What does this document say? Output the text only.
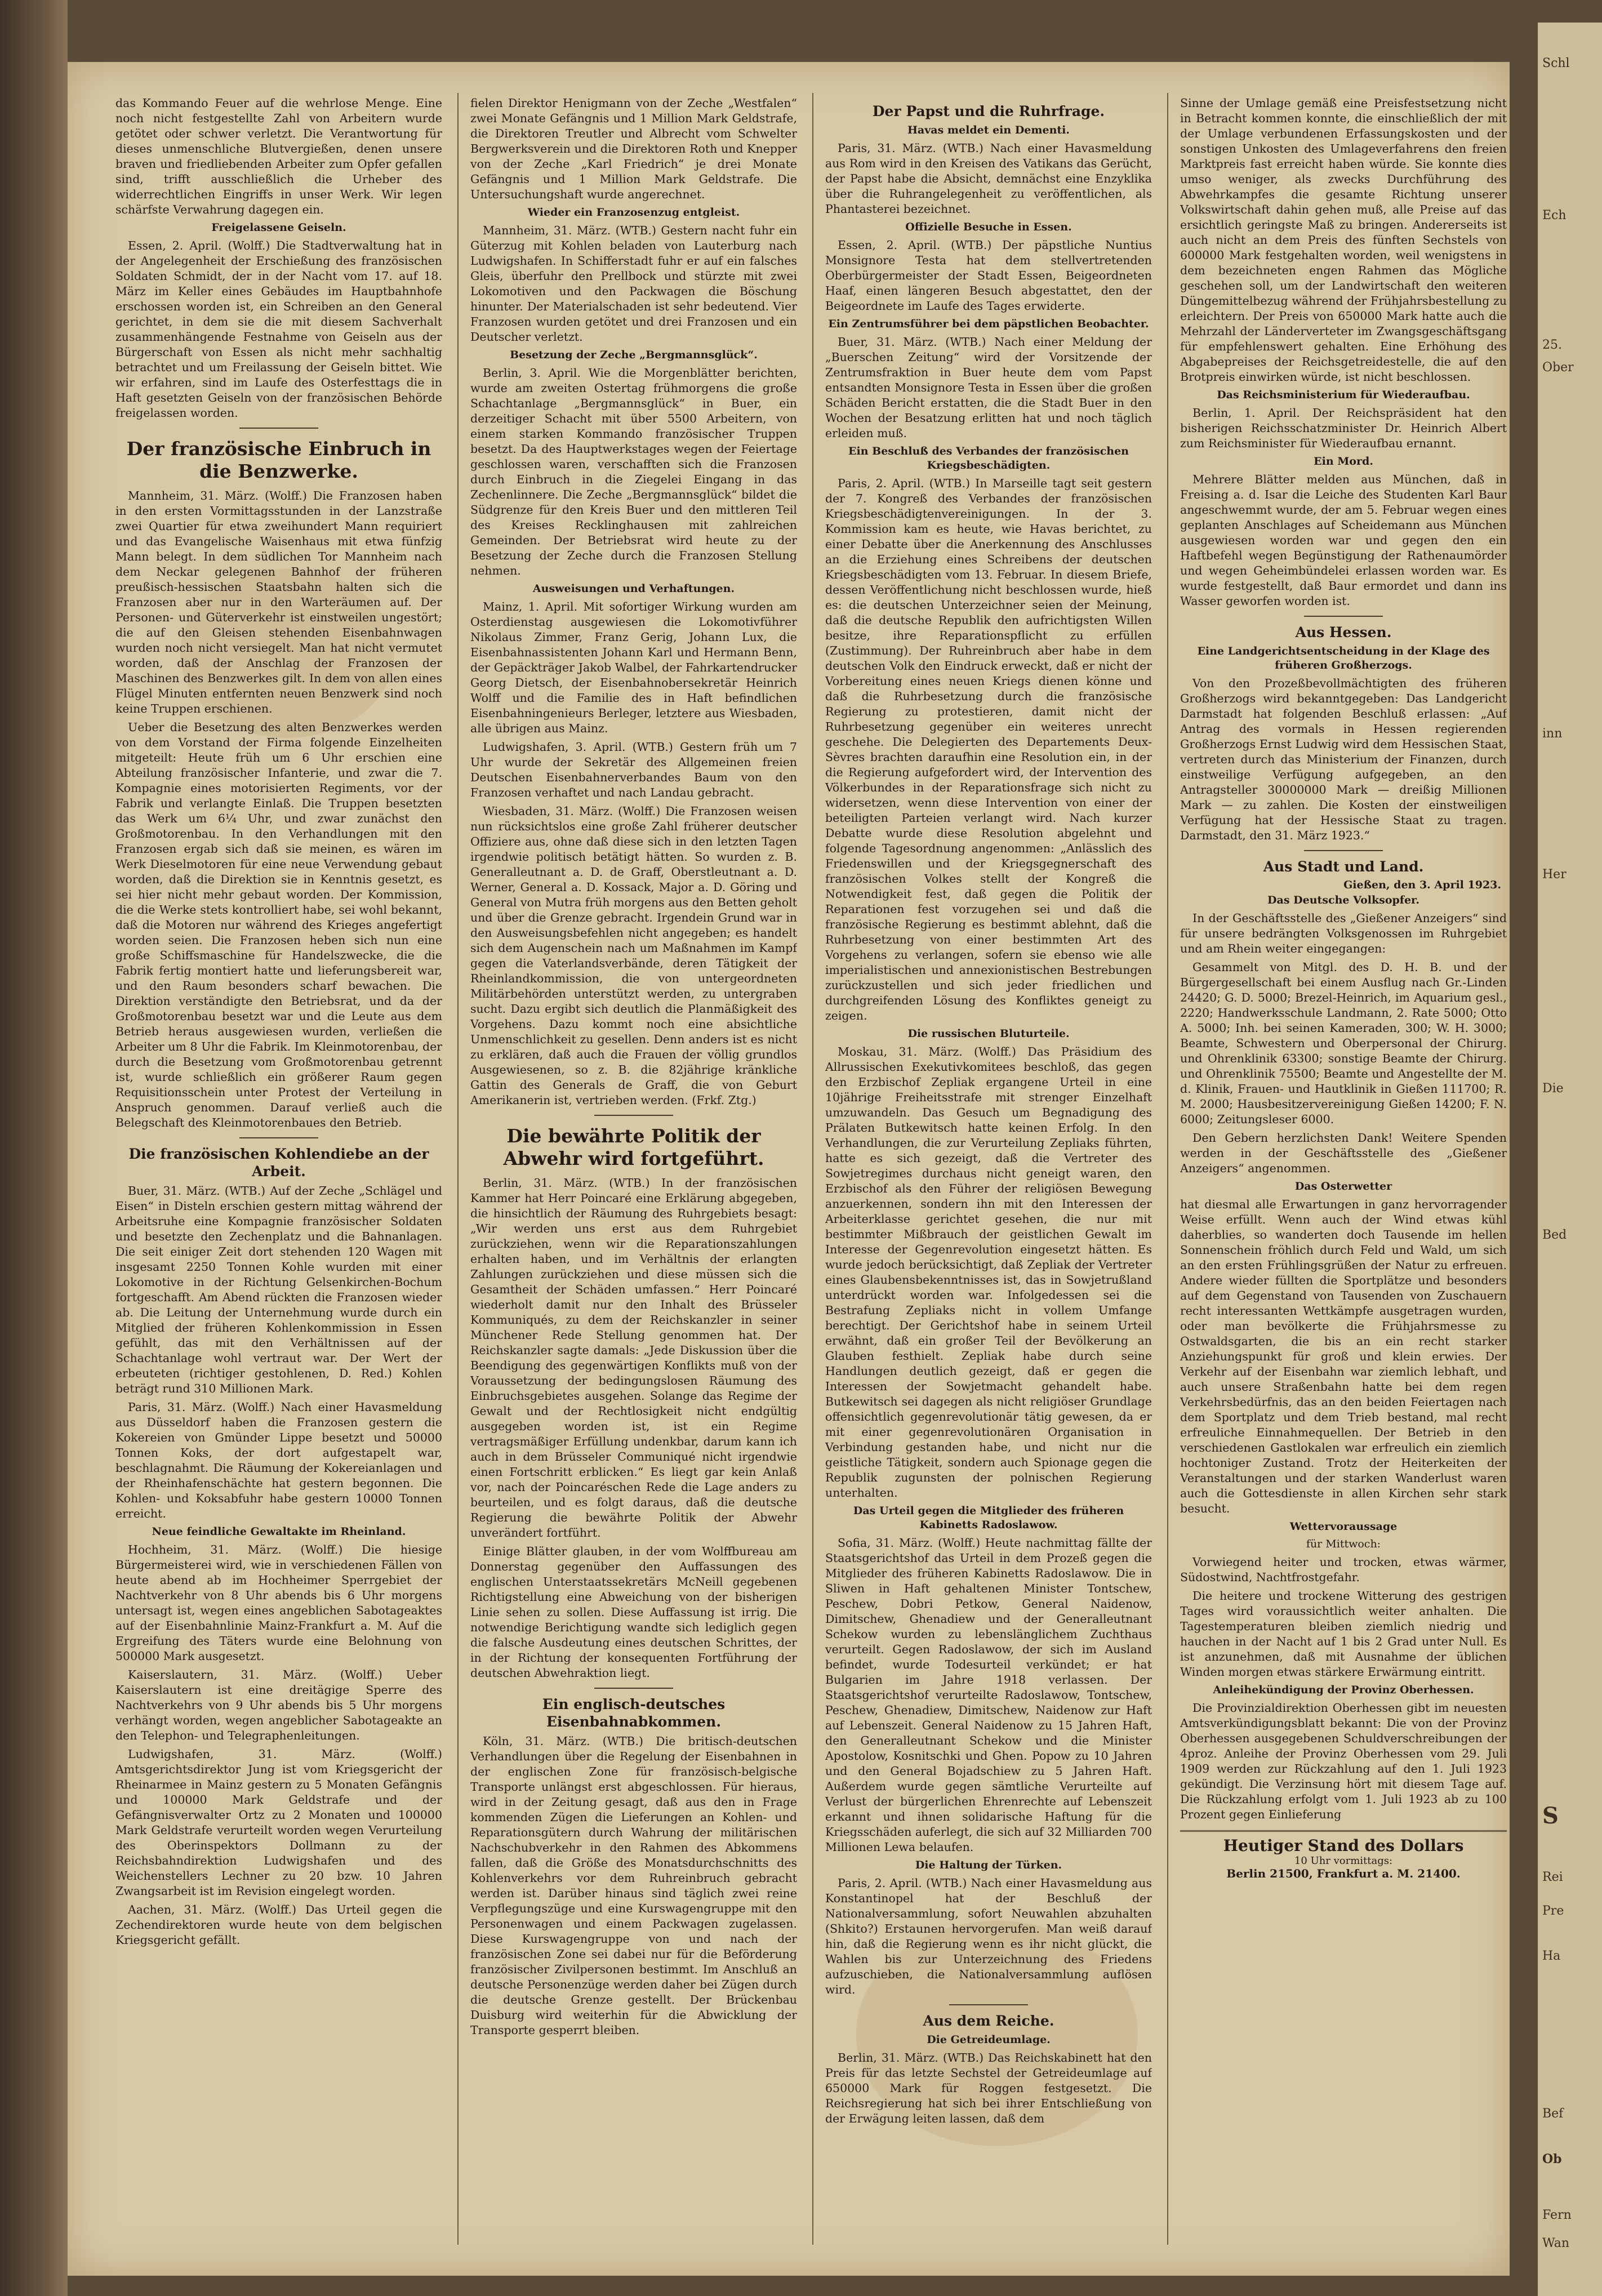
Schl
Ech
25.
Ober
inn
Her
Die
Bed
S
Rei
Pre
Ha
Bef
Ob
Fern
Wan

das Kommando Feuer auf die wehrlose Menge. Eine noch nicht festgestellte Zahl von Arbeitern wurde getötet oder schwer verletzt. Die Verantwortung für dieses unmenschliche Blutvergießen, denen unsere braven und friedliebenden Arbeiter zum Opfer gefallen sind, trifft ausschließlich die Urheber des widerrechtlichen Eingriffs in unser Werk. Wir legen schärfste Verwahrung dagegen ein.

Freigelassene Geiseln.

Essen, 2. April. (Wolff.) Die Stadtverwaltung hat in der Angelegenheit der Erschießung des französischen Soldaten Schmidt, der in der Nacht vom 17. auf 18. März im Keller eines Gebäudes im Hauptbahnhofe erschossen worden ist, ein Schreiben an den General gerichtet, in dem sie die mit diesem Sachverhalt zusammenhängende Festnahme von Geiseln aus der Bürgerschaft von Essen als nicht mehr sachhaltig betrachtet und um Freilassung der Geiseln bittet. Wie wir erfahren, sind im Laufe des Osterfesttags die in Haft gesetzten Geiseln von der französischen Behörde freigelassen worden.

Der französische Einbruch in die Benzwerke.

Mannheim, 31. März. (Wolff.) Die Franzosen haben in den ersten Vormittagsstunden in der Lanzstraße zwei Quartier für etwa zweihundert Mann requiriert und das Evangelische Waisenhaus mit etwa fünfzig Mann belegt. In dem südlichen Tor Mannheim nach dem Neckar gelegenen Bahnhof der früheren preußisch-hessischen Staatsbahn halten sich die Franzosen aber nur in den Warteräumen auf. Der Personen- und Güterverkehr ist einstweilen ungestört; die auf den Gleisen stehenden Eisenbahnwagen wurden noch nicht versiegelt. Man hat nicht vermutet worden, daß der Anschlag der Franzosen der Maschinen des Benzwerkes gilt. In dem von allen eines Flügel Minuten entfernten neuen Benzwerk sind noch keine Truppen erschienen.

Ueber die Besetzung des alten Benzwerkes werden von dem Vorstand der Firma folgende Einzelheiten mitgeteilt: Heute früh um 6 Uhr erschien eine Abteilung französischer Infanterie, und zwar die 7. Kompagnie eines motorisierten Regiments, vor der Fabrik und verlangte Einlaß. Die Truppen besetzten das Werk um 6¼ Uhr, und zwar zunächst den Großmotorenbau. In den Verhandlungen mit den Franzosen ergab sich daß sie meinen, es wären im Werk Dieselmotoren für eine neue Verwendung gebaut worden, daß die Direktion sie in Kenntnis gesetzt, es sei hier nicht mehr gebaut worden. Der Kommission, die die Werke stets kontrolliert habe, sei wohl bekannt, daß die Motoren nur während des Krieges angefertigt worden seien. Die Franzosen heben sich nun eine große Schiffsmaschine für Handelszwecke, die die Fabrik fertig montiert hatte und lieferungsbereit war, und den Raum besonders scharf bewachen. Die Direktion verständigte den Betriebsrat, und da der Großmotorenbau besetzt war und die Leute aus dem Betrieb heraus ausgewiesen wurden, verließen die Arbeiter um 8 Uhr die Fabrik. Im Kleinmotorenbau, der durch die Besetzung vom Großmotorenbau getrennt ist, wurde schließlich ein größerer Raum gegen Requisitionsschein unter Protest der Verteilung in Anspruch genommen. Darauf verließ auch die Belegschaft des Kleinmotorenbaues den Betrieb.

Die französischen Kohlendiebe an der Arbeit.

Buer, 31. März. (WTB.) Auf der Zeche „Schlägel und Eisen“ in Disteln erschien gestern mittag während der Arbeitsruhe eine Kompagnie französischer Soldaten und besetzte den Zechenplatz und die Bahnanlagen. Die seit einiger Zeit dort stehenden 120 Wagen mit insgesamt 2250 Tonnen Kohle wurden mit einer Lokomotive in der Richtung Gelsenkirchen-Bochum fortgeschafft. Am Abend rückten die Franzosen wieder ab. Die Leitung der Unternehmung wurde durch ein Mitglied der früheren Kohlenkommission in Essen gefühlt, das mit den Verhältnissen auf der Schachtanlage wohl vertraut war. Der Wert der erbeuteten (richtiger gestohlenen, D. Red.) Kohlen beträgt rund 310 Millionen Mark.

Paris, 31. März. (Wolff.) Nach einer Havasmeldung aus Düsseldorf haben die Franzosen gestern die Kokereien von Gmünder Lippe besetzt und 50000 Tonnen Koks, der dort aufgestapelt war, beschlagnahmt. Die Räumung der Kokereianlagen und der Rheinhafenschächte hat gestern begonnen. Die Kohlen- und Koksabfuhr habe gestern 10000 Tonnen erreicht.

Neue feindliche Gewaltakte im Rheinland.

Hochheim, 31. März. (Wolff.) Die hiesige Bürgermeisterei wird, wie in verschiedenen Fällen von heute abend ab im Hochheimer Sperrgebiet der Nachtverkehr von 8 Uhr abends bis 6 Uhr morgens untersagt ist, wegen eines angeblichen Sabotageaktes auf der Eisenbahnlinie Mainz-Frankfurt a. M. Auf die Ergreifung des Täters wurde eine Belohnung von 500000 Mark ausgesetzt.

Kaiserslautern, 31. März. (Wolff.) Ueber Kaiserslautern ist eine dreitägige Sperre des Nachtverkehrs von 9 Uhr abends bis 5 Uhr morgens verhängt worden, wegen angeblicher Sabotageakte an den Telephon- und Telegraphenleitungen.

Ludwigshafen, 31. März. (Wolff.) Amtsgerichtsdirektor Jung ist vom Kriegsgericht der Rheinarmee in Mainz gestern zu 5 Monaten Gefängnis und 100000 Mark Geldstrafe und der Gefängnisverwalter Ortz zu 2 Monaten und 100000 Mark Geldstrafe verurteilt worden wegen Verurteilung des Oberinspektors Dollmann zu der Reichsbahndirektion Ludwigshafen und des Weichenstellers Lechner zu 20 bzw. 10 Jahren Zwangsarbeit ist im Revision eingelegt worden.

Aachen, 31. März. (Wolff.) Das Urteil gegen die Zechendirektoren wurde heute von dem belgischen Kriegsgericht gefällt.

fielen Direktor Henigmann von der Zeche „Westfalen“ zwei Monate Gefängnis und 1 Million Mark Geldstrafe, die Direktoren Treutler und Albrecht vom Schwelter Bergwerksverein und die Direktoren Roth und Knepper von der Zeche „Karl Friedrich“ je drei Monate Gefängnis und 1 Million Mark Geldstrafe. Die Untersuchungshaft wurde angerechnet.

Wieder ein Franzosenzug entgleist.

Mannheim, 31. März. (WTB.) Gestern nacht fuhr ein Güterzug mit Kohlen beladen von Lauterburg nach Ludwigshafen. In Schifferstadt fuhr er auf ein falsches Gleis, überfuhr den Prellbock und stürzte mit zwei Lokomotiven und den Packwagen die Böschung hinunter. Der Materialschaden ist sehr bedeutend. Vier Franzosen wurden getötet und drei Franzosen und ein Deutscher verletzt.

Besetzung der Zeche „Bergmannsglück“.

Berlin, 3. April. Wie die Morgenblätter berichten, wurde am zweiten Ostertag frühmorgens die große Schachtanlage „Bergmannsglück“ in Buer, ein derzeitiger Schacht mit über 5500 Arbeitern, von einem starken Kommando französischer Truppen besetzt. Da des Hauptwerkstages wegen der Feiertage geschlossen waren, verschafften sich die Franzosen durch Einbruch in die Ziegelei Eingang in das Zechenlinnere. Die Zeche „Bergmannsglück“ bildet die Südgrenze für den Kreis Buer und den mittleren Teil des Kreises Recklinghausen mit zahlreichen Gemeinden. Der Betriebsrat wird heute zu der Besetzung der Zeche durch die Franzosen Stellung nehmen.

Ausweisungen und Verhaftungen.

Mainz, 1. April. Mit sofortiger Wirkung wurden am Osterdienstag ausgewiesen die Lokomotivführer Nikolaus Zimmer, Franz Gerig, Johann Lux, die Eisenbahnassistenten Johann Karl und Hermann Benn, der Gepäckträger Jakob Walbel, der Fahrkartendrucker Georg Dietsch, der Eisenbahnobersekretär Heinrich Wolff und die Familie des in Haft befindlichen Eisenbahningenieurs Berleger, letztere aus Wiesbaden, alle übrigen aus Mainz.

Ludwigshafen, 3. April. (WTB.) Gestern früh um 7 Uhr wurde der Sekretär des Allgemeinen freien Deutschen Eisenbahnerverbandes Baum von den Franzosen verhaftet und nach Landau gebracht.

Wiesbaden, 31. März. (Wolff.) Die Franzosen weisen nun rücksichtslos eine große Zahl früherer deutscher Offiziere aus, ohne daß diese sich in den letzten Tagen irgendwie politisch betätigt hätten. So wurden z. B. Generalleutnant a. D. de Graff, Oberstleutnant a. D. Werner, General a. D. Kossack, Major a. D. Göring und General von Mutra früh morgens aus den Betten geholt und über die Grenze gebracht. Irgendein Grund war in den Ausweisungsbefehlen nicht angegeben; es handelt sich dem Augenschein nach um Maßnahmen im Kampf gegen die Vaterlandsverbände, deren Tätigkeit der Rheinlandkommission, die von untergeordneten Militärbehörden unterstützt werden, zu untergraben sucht. Dazu ergibt sich deutlich die Planmäßigkeit des Vorgehens. Dazu kommt noch eine absichtliche Unmenschlichkeit zu gesellen. Denn anders ist es nicht zu erklären, daß auch die Frauen der völlig grundlos Ausgewiesenen, so z. B. die 82jährige kränkliche Gattin des Generals de Graff, die von Geburt Amerikanerin ist, vertrieben werden. (Frkf. Ztg.)

Die bewährte Politik der Abwehr wird fortgeführt.

Berlin, 31. März. (WTB.) In der französischen Kammer hat Herr Poincaré eine Erklärung abgegeben, die hinsichtlich der Räumung des Ruhrgebiets besagt: „Wir werden uns erst aus dem Ruhrgebiet zurückziehen, wenn wir die Reparationszahlungen erhalten haben, und im Verhältnis der erlangten Zahlungen zurückziehen und diese müssen sich die Gesamtheit der Schäden umfassen.“ Herr Poincaré wiederholt damit nur den Inhalt des Brüsseler Kommuniqués, zu dem der Reichskanzler in seiner Münchener Rede Stellung genommen hat. Der Reichskanzler sagte damals: „Jede Diskussion über die Beendigung des gegenwärtigen Konflikts muß von der Voraussetzung der bedingungslosen Räumung des Einbruchsgebietes ausgehen. Solange das Regime der Gewalt und der Rechtlosigkeit nicht endgültig ausgegeben worden ist, ist ein Regime vertragsmäßiger Erfüllung undenkbar, darum kann ich auch in dem Brüsseler Communiqué nicht irgendwie einen Fortschritt erblicken.“ Es liegt gar kein Anlaß vor, nach der Poincaréschen Rede die Lage anders zu beurteilen, und es folgt daraus, daß die deutsche Regierung die bewährte Politik der Abwehr unverändert fortführt.

Einige Blätter glauben, in der vom Wolffbureau am Donnerstag gegenüber den Auffassungen des englischen Unterstaatssekretärs McNeill gegebenen Richtigstellung eine Abweichung von der bisherigen Linie sehen zu sollen. Diese Auffassung ist irrig. Die notwendige Berichtigung wandte sich lediglich gegen die falsche Ausdeutung eines deutschen Schrittes, der in der Richtung der konsequenten Fortführung der deutschen Abwehraktion liegt.

Ein englisch-deutsches Eisenbahnabkommen.

Köln, 31. März. (WTB.) Die britisch-deutschen Verhandlungen über die Regelung der Eisenbahnen in der englischen Zone für französisch-belgische Transporte unlängst erst abgeschlossen. Für hieraus, wird in der Zeitung gesagt, daß aus den in Frage kommenden Zügen die Lieferungen an Kohlen- und Reparationsgütern durch Wahrung der militärischen Nachschubverkehr in den Rahmen des Abkommens fallen, daß die Größe des Monatsdurchschnitts des Kohlenverkehrs vor dem Ruhreinbruch gebracht werden ist. Darüber hinaus sind täglich zwei reine Verpflegungszüge und eine Kurswagengruppe mit den Personenwagen und einem Packwagen zugelassen. Diese Kurswagengruppe von und nach der französischen Zone sei dabei nur für die Beförderung französischer Zivilpersonen bestimmt. Im Anschluß an deutsche Personenzüge werden daher bei Zügen durch die deutsche Grenze gestellt. Der Brückenbau Duisburg wird weiterhin für die Abwicklung der Transporte gesperrt bleiben.

Der Papst und die Ruhrfrage.
Havas meldet ein Dementi.

Paris, 31. März. (WTB.) Nach einer Havasmeldung aus Rom wird in den Kreisen des Vatikans das Gerücht, der Papst habe die Absicht, demnächst eine Enzyklika über die Ruhrangelegenheit zu veröffentlichen, als Phantasterei bezeichnet.

Offizielle Besuche in Essen.

Essen, 2. April. (WTB.) Der päpstliche Nuntius Monsignore Testa hat dem stellvertretenden Oberbürgermeister der Stadt Essen, Beigeordneten Haaf, einen längeren Besuch abgestattet, den der Beigeordnete im Laufe des Tages erwiderte.

Ein Zentrumsführer bei dem päpstlichen Beobachter.

Buer, 31. März. (WTB.) Nach einer Meldung der „Buerschen Zeitung“ wird der Vorsitzende der Zentrumsfraktion in Buer heute dem vom Papst entsandten Monsignore Testa in Essen über die großen Schäden Bericht erstatten, die die Stadt Buer in den Wochen der Besatzung erlitten hat und noch täglich erleiden muß.

Ein Beschluß des Verbandes der französischen Kriegsbeschädigten.

Paris, 2. April. (WTB.) In Marseille tagt seit gestern der 7. Kongreß des Verbandes der französischen Kriegsbeschädigtenvereinigungen. In der 3. Kommission kam es heute, wie Havas berichtet, zu einer Debatte über die Anerkennung des Anschlusses an die Erziehung eines Schreibens der deutschen Kriegsbeschädigten vom 13. Februar. In diesem Briefe, dessen Veröffentlichung nicht beschlossen wurde, hieß es: die deutschen Unterzeichner seien der Meinung, daß die deutsche Republik den aufrichtigsten Willen besitze, ihre Reparationspflicht zu erfüllen (Zustimmung). Der Ruhreinbruch aber habe in dem deutschen Volk den Eindruck erweckt, daß er nicht der Vorbereitung eines neuen Kriegs dienen könne und daß die Ruhrbesetzung durch die französische Regierung zu protestieren, damit nicht der Ruhrbesetzung gegenüber ein weiteres unrecht geschehe. Die Delegierten des Departements Deux-Sèvres brachten daraufhin eine Resolution ein, in der die Regierung aufgefordert wird, der Intervention des Völkerbundes in der Reparationsfrage sich nicht zu widersetzen, wenn diese Intervention von einer der beteiligten Parteien verlangt wird. Nach kurzer Debatte wurde diese Resolution abgelehnt und folgende Tagesordnung angenommen: „Anlässlich des Friedenswillen und der Kriegsgegnerschaft des französischen Volkes stellt der Kongreß die Notwendigkeit fest, daß gegen die Politik der Reparationen fest vorzugehen sei und daß die französische Regierung es bestimmt ablehnt, daß die Ruhrbesetzung von einer bestimmten Art des Vorgehens zu verlangen, sofern sie ebenso wie alle imperialistischen und annexionistischen Bestrebungen zurückzustellen und sich jeder friedlichen und durchgreifenden Lösung des Konfliktes geneigt zu zeigen.

Die russischen Bluturteile.

Moskau, 31. März. (Wolff.) Das Präsidium des Allrussischen Exekutivkomitees beschloß, das gegen den Erzbischof Zepliak ergangene Urteil in eine 10jährige Freiheitsstrafe mit strenger Einzelhaft umzuwandeln. Das Gesuch um Begnadigung des Prälaten Butkewitsch hatte keinen Erfolg. In den Verhandlungen, die zur Verurteilung Zepliaks führten, hatte es sich gezeigt, daß die Vertreter des Sowjetregimes durchaus nicht geneigt waren, den Erzbischof als den Führer der religiösen Bewegung anzuerkennen, sondern ihn mit den Interessen der Arbeiterklasse gerichtet gesehen, die nur mit bestimmter Mißbrauch der geistlichen Gewalt im Interesse der Gegenrevolution eingesetzt hätten. Es wurde jedoch berücksichtigt, daß Zepliak der Vertreter eines Glaubensbekenntnisses ist, das in Sowjetrußland unterdrückt worden war. Infolgedessen sei die Bestrafung Zepliaks nicht in vollem Umfange berechtigt. Der Gerichtshof habe in seinem Urteil erwähnt, daß ein großer Teil der Bevölkerung an Glauben festhielt. Zepliak habe durch seine Handlungen deutlich gezeigt, daß er gegen die Interessen der Sowjetmacht gehandelt habe. Butkewitsch sei dagegen als nicht religiöser Grundlage offensichtlich gegenrevolutionär tätig gewesen, da er mit einer gegenrevolutionären Organisation in Verbindung gestanden habe, und nicht nur die geistliche Tätigkeit, sondern auch Spionage gegen die Republik zugunsten der polnischen Regierung unterhalten.

Das Urteil gegen die Mitglieder des früheren Kabinetts Radoslawow.

Sofia, 31. März. (Wolff.) Heute nachmittag fällte der Staatsgerichtshof das Urteil in dem Prozeß gegen die Mitglieder des früheren Kabinetts Radoslawow. Die in Sliwen in Haft gehaltenen Minister Tontschew, Peschew, Dobri Petkow, General Naidenow, Dimitschew, Ghenadiew und der Generalleutnant Schekow wurden zu lebenslänglichem Zuchthaus verurteilt. Gegen Radoslawow, der sich im Ausland befindet, wurde Todesurteil verkündet; er hat Bulgarien im Jahre 1918 verlassen. Der Staatsgerichtshof verurteilte Radoslawow, Tontschew, Peschew, Ghenadiew, Dimitschew, Naidenow zur Haft auf Lebenszeit. General Naidenow zu 15 Jahren Haft, den Generalleutnant Schekow und die Minister Apostolow, Kosnitschki und Ghen. Popow zu 10 Jahren und den General Bojadschiew zu 5 Jahren Haft. Außerdem wurde gegen sämtliche Verurteilte auf Verlust der bürgerlichen Ehrenrechte auf Lebenszeit erkannt und ihnen solidarische Haftung für die Kriegsschäden auferlegt, die sich auf 32 Milliarden 700 Millionen Lewa belaufen.

Die Haltung der Türken.

Paris, 2. April. (WTB.) Nach einer Havasmeldung aus Konstantinopel hat der Beschluß der Nationalversammlung, sofort Neuwahlen abzuhalten (Shkito?) Erstaunen hervorgerufen. Man weiß darauf hin, daß die Regierung wenn es ihr nicht glückt, die Wahlen bis zur Unterzeichnung des Friedens aufzuschieben, die Nationalversammlung auflösen wird.

Aus dem Reiche.
Die Getreideumlage.

Berlin, 31. März. (WTB.) Das Reichskabinett hat den Preis für das letzte Sechstel der Getreideumlage auf 650000 Mark für Roggen festgesetzt. Die Reichsregierung hat sich bei ihrer Entschließung von der Erwägung leiten lassen, daß dem

Sinne der Umlage gemäß eine Preisfestsetzung nicht in Betracht kommen konnte, die einschließlich der mit der Umlage verbundenen Erfassungskosten und der sonstigen Unkosten des Umlageverfahrens den freien Marktpreis fast erreicht haben würde. Sie konnte dies umso weniger, als zwecks Durchführung des Abwehrkampfes die gesamte Richtung unserer Volkswirtschaft dahin gehen muß, alle Preise auf das ersichtlich geringste Maß zu bringen. Andererseits ist auch nicht an dem Preis des fünften Sechstels von 600000 Mark festgehalten worden, weil wenigstens in dem bezeichneten engen Rahmen das Mögliche geschehen soll, um der Landwirtschaft den weiteren Düngemittelbezug während der Frühjahrsbestellung zu erleichtern. Der Preis von 650000 Mark hatte auch die Mehrzahl der Länderverteter im Zwangsgeschäftsgang für empfehlenswert gehalten. Eine Erhöhung des Abgabepreises der Reichsgetreidestelle, die auf den Brotpreis einwirken würde, ist nicht beschlossen.

Das Reichsministerium für Wiederaufbau.

Berlin, 1. April. Der Reichspräsident hat den bisherigen Reichsschatzminister Dr. Heinrich Albert zum Reichsminister für Wiederaufbau ernannt.

Ein Mord.

Mehrere Blätter melden aus München, daß in Freising a. d. Isar die Leiche des Studenten Karl Baur angeschwemmt wurde, der am 5. Februar wegen eines geplanten Anschlages auf Scheidemann aus München ausgewiesen worden war und gegen den ein Haftbefehl wegen Begünstigung der Rathenaumörder und wegen Geheimbündelei erlassen worden war. Es wurde festgestellt, daß Baur ermordet und dann ins Wasser geworfen worden ist.

Aus Hessen.
Eine Landgerichtsentscheidung in der Klage des früheren Großherzogs.

Von den Prozeßbevollmächtigten des früheren Großherzogs wird bekanntgegeben: Das Landgericht Darmstadt hat folgenden Beschluß erlassen: „Auf Antrag des vormals in Hessen regierenden Großherzogs Ernst Ludwig wird dem Hessischen Staat, vertreten durch das Ministerium der Finanzen, durch einstweilige Verfügung aufgegeben, an den Antragsteller 30000000 Mark — dreißig Millionen Mark — zu zahlen. Die Kosten der einstweiligen Verfügung hat der Hessische Staat zu tragen. Darmstadt, den 31. März 1923.“

Aus Stadt und Land.
Gießen, den 3. April 1923.
Das Deutsche Volksopfer.

In der Geschäftsstelle des „Gießener Anzeigers“ sind für unsere bedrängten Volksgenossen im Ruhrgebiet und am Rhein weiter eingegangen:

Gesammelt von Mitgl. des D. H. B. und der Bürgergesellschaft bei einem Ausflug nach Gr.-Linden 24420; G. D. 5000; Brezel-Heinrich, im Aquarium gesl., 2220; Handwerksschule Landmann, 2. Rate 5000; Otto A. 5000; Inh. bei seinen Kameraden, 300; W. H. 3000; Beamte, Schwestern und Oberpersonal der Chirurg. und Ohrenklinik 63300; sonstige Beamte der Chirurg. und Ohrenklinik 75500; Beamte und Angestellte der M. d. Klinik, Frauen- und Hautklinik in Gießen 111700; R. M. 2000; Hausbesitzervereinigung Gießen 14200; F. N. 6000; Zeitungsleser 6000.

Den Gebern herzlichsten Dank! Weitere Spenden werden in der Geschäftsstelle des „Gießener Anzeigers“ angenommen.

Das Osterwetter

hat diesmal alle Erwartungen in ganz hervorragender Weise erfüllt. Wenn auch der Wind etwas kühl daherblies, so wanderten doch Tausende im hellen Sonnenschein fröhlich durch Feld und Wald, um sich an den ersten Frühlingsgrüßen der Natur zu erfreuen. Andere wieder füllten die Sportplätze und besonders auf dem Gegenstand von Tausenden von Zuschauern recht interessanten Wettkämpfe ausgetragen wurden, oder man bevölkerte die Frühjahrsmesse zu Ostwaldsgarten, die bis an ein recht starker Anziehungspunkt für groß und klein erwies. Der Verkehr auf der Eisenbahn war ziemlich lebhaft, und auch unsere Straßenbahn hatte bei dem regen Verkehrsbedürfnis, das an den beiden Feiertagen nach dem Sportplatz und dem Trieb bestand, mal recht erfreuliche Einnahmequellen. Der Betrieb in den verschiedenen Gastlokalen war erfreulich ein ziemlich hochtoniger Zustand. Trotz der Heiterkeiten der Veranstaltungen und der starken Wanderlust waren auch die Gottesdienste in allen Kirchen sehr stark besucht.

Wettervoraussage
für Mittwoch:

Vorwiegend heiter und trocken, etwas wärmer, Südostwind, Nachtfrostgefahr.

Die heitere und trockene Witterung des gestrigen Tages wird voraussichtlich weiter anhalten. Die Tagestemperaturen bleiben ziemlich niedrig und hauchen in der Nacht auf 1 bis 2 Grad unter Null. Es ist anzunehmen, daß mit Ausnahme der üblichen Winden morgen etwas stärkere Erwärmung eintritt.

Anleihekündigung der Provinz Oberhessen.

Die Provinzialdirektion Oberhessen gibt im neuesten Amtsverkündigungsblatt bekannt: Die von der Provinz Oberhessen ausgegebenen Schuldverschreibungen der 4proz. Anleihe der Provinz Oberhessen vom 29. Juli 1909 werden zur Rückzahlung auf den 1. Juli 1923 gekündigt. Die Verzinsung hört mit diesem Tage auf. Die Rückzahlung erfolgt vom 1. Juli 1923 ab zu 100 Prozent gegen Einlieferung

Heutiger Stand des Dollars
10 Uhr vormittags:
Berlin 21500, Frankfurt a. M. 21400.
